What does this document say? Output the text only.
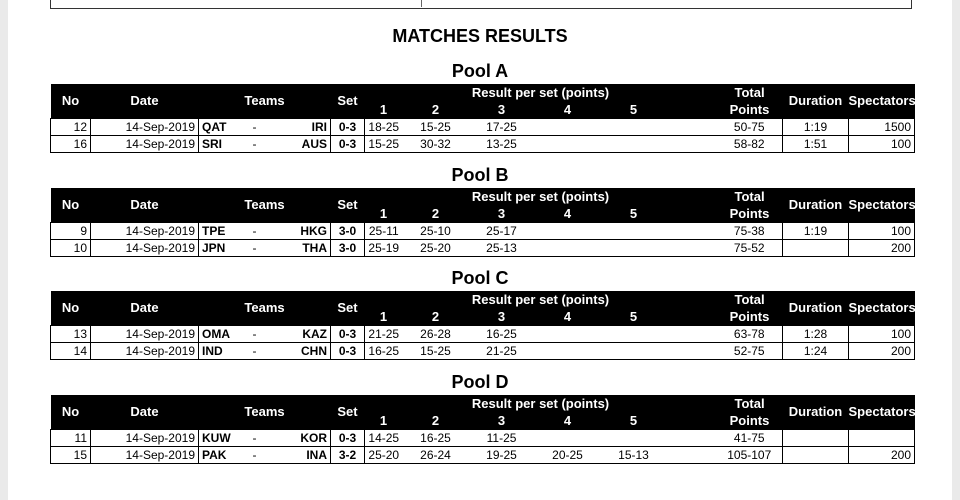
MATCHES RESULTS
Pool A
No	Date	Teams			Set	Result per set (points)						Total	Duration	Spectators
						1	2	3	4	5		Points		
12	14-Sep-2019	QAT	-	IRI	0-3	18-25	15-25	17-25				50-75	1:19	1500
16	14-Sep-2019	SRI	-	AUS	0-3	15-25	30-32	13-25				58-82	1:51	100
Pool B
No	Date	Teams			Set	Result per set (points)						Total	Duration	Spectators
						1	2	3	4	5		Points		
9	14-Sep-2019	TPE	-	HKG	3-0	25-11	25-10	25-17				75-38	1:19	100
10	14-Sep-2019	JPN	-	THA	3-0	25-19	25-20	25-13				75-52		200
Pool C
No	Date	Teams			Set	Result per set (points)						Total	Duration	Spectators
						1	2	3	4	5		Points		
13	14-Sep-2019	OMA	-	KAZ	0-3	21-25	26-28	16-25				63-78	1:28	100
14	14-Sep-2019	IND	-	CHN	0-3	16-25	15-25	21-25				52-75	1:24	200
Pool D
No	Date	Teams			Set	Result per set (points)						Total	Duration	Spectators
						1	2	3	4	5		Points		
11	14-Sep-2019	KUW	-	KOR	0-3	14-25	16-25	11-25				41-75		
15	14-Sep-2019	PAK	-	INA	3-2	25-20	26-24	19-25	20-25	15-13		105-107		200
